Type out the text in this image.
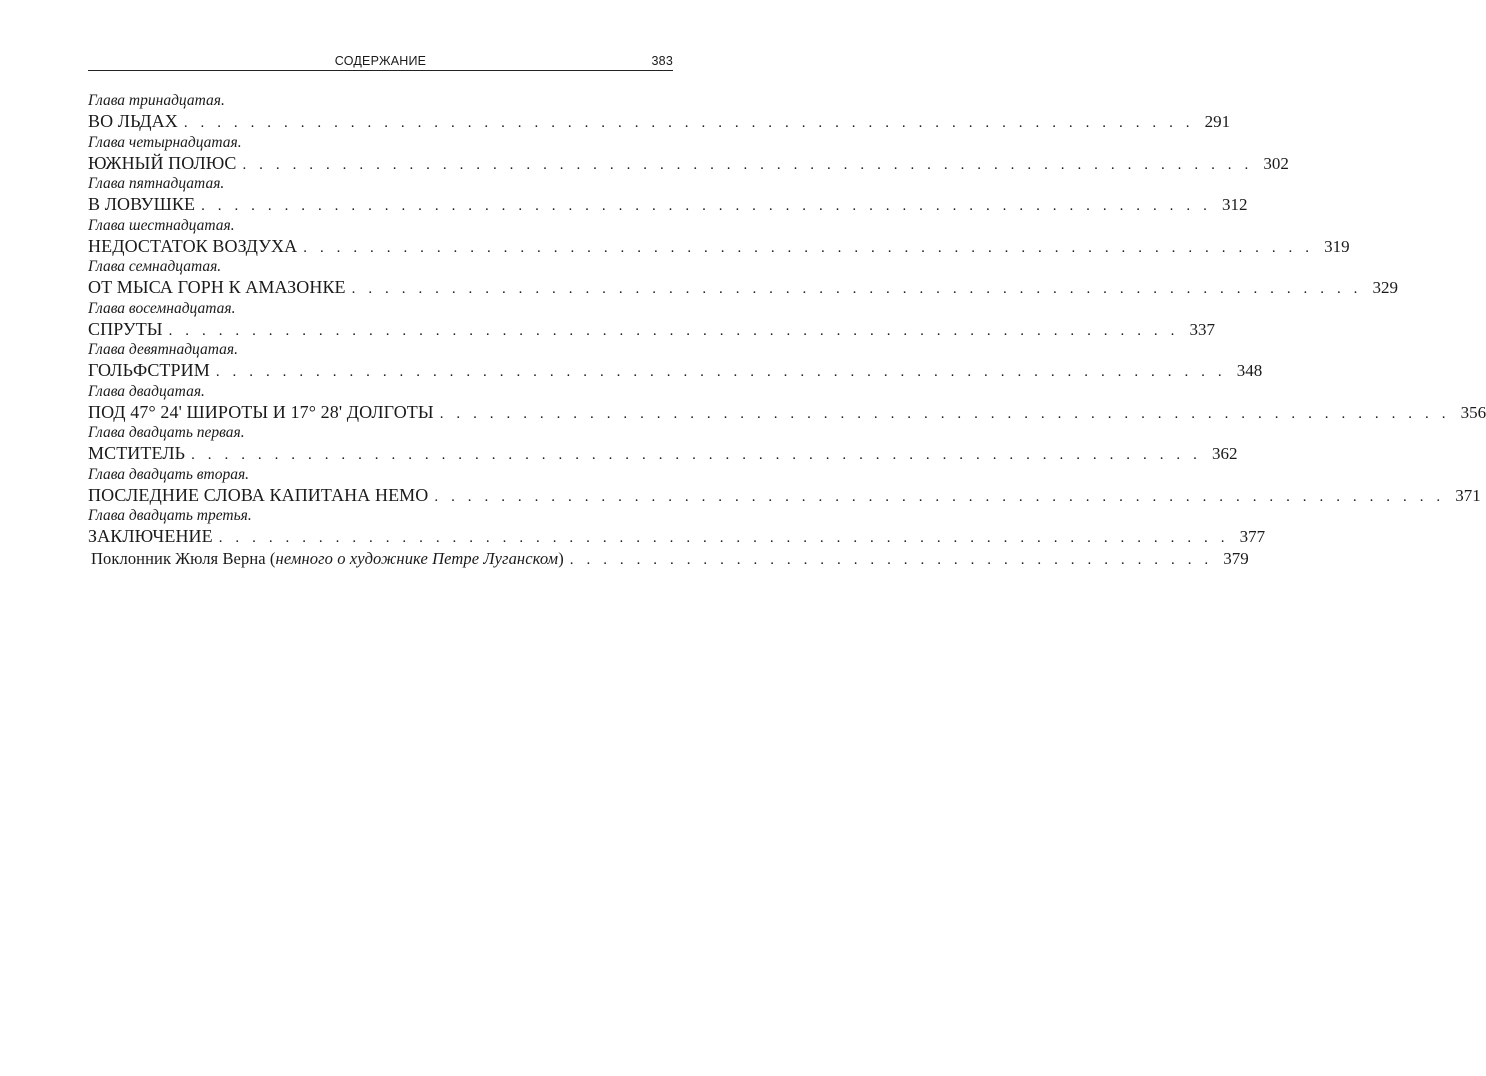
СОДЕРЖАНИЕ	383
Глава тринадцатая.
ВО ЛЬДАХ . . . . . . . . . . . . . . . . . . . . . . . . . . . . . . . . . . . . . . . . . . . . . . . . . . . . . . . . . . . . . 291
Глава четырнадцатая.
ЮЖНЫЙ ПОЛЮС . . . . . . . . . . . . . . . . . . . . . . . . . . . . . . . . . . . . . . . . . . . . . . . . . . . . . . . . . . . . . 302
Глава пятнадцатая.
В ЛОВУШКЕ . . . . . . . . . . . . . . . . . . . . . . . . . . . . . . . . . . . . . . . . . . . . . . . . . . . . . . . . . . . . . 312
Глава шестнадцатая.
НЕДОСТАТОК ВОЗДУХА . . . . . . . . . . . . . . . . . . . . . . . . . . . . . . . . . . . . . . . . . . . . . . . . . . . . . . . . . . . . . 319
Глава семнадцатая.
ОТ МЫСА ГОРН К АМАЗОНКЕ . . . . . . . . . . . . . . . . . . . . . . . . . . . . . . . . . . . . . . . . . . . . . . . . . . . . . . . . . . . . . 329
Глава восемнадцатая.
СПРУТЫ . . . . . . . . . . . . . . . . . . . . . . . . . . . . . . . . . . . . . . . . . . . . . . . . . . . . . . . . . . . . . 337
Глава девятнадцатая.
ГОЛЬФСТРИМ . . . . . . . . . . . . . . . . . . . . . . . . . . . . . . . . . . . . . . . . . . . . . . . . . . . . . . . . . . . . . 348
Глава двадцатая.
ПОД 47° 24' ШИРОТЫ И 17° 28' ДОЛГОТЫ . . . . . . . . . . . . . . . . . . . . . . . . . . . . . . . . . . . . . . . . . . . . . . . . . . . . . . . . . . . . . 356
Глава двадцать первая.
МСТИТЕЛЬ . . . . . . . . . . . . . . . . . . . . . . . . . . . . . . . . . . . . . . . . . . . . . . . . . . . . . . . . . . . . . 362
Глава двадцать вторая.
ПОСЛЕДНИЕ СЛОВА КАПИТАНА НЕМО . . . . . . . . . . . . . . . . . . . . . . . . . . . . . . . . . . . . . . . . . . . . . . . . . . . . . . . . . . . . . 371
Глава двадцать третья.
ЗАКЛЮЧЕНИЕ . . . . . . . . . . . . . . . . . . . . . . . . . . . . . . . . . . . . . . . . . . . . . . . . . . . . . . . . . . . . . 377
Поклонник Жюля Верна (немного о художнике Петре Луганском) . . . . . . . . . . . . . . . . . . . . . . . . . . . . . . . . . . . . . . . 379
